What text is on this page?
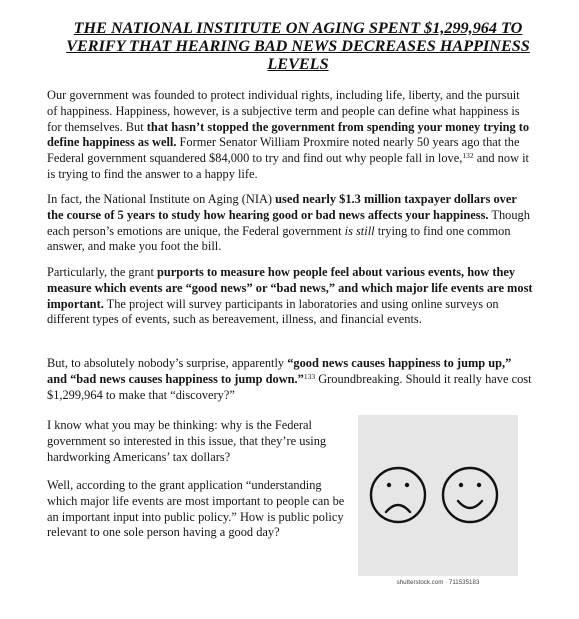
THE NATIONAL INSTITUTE ON AGING SPENT $1,299,964 TO VERIFY THAT HEARING BAD NEWS DECREASES HAPPINESS LEVELS

Our government was founded to protect individual rights, including life, liberty, and the pursuit of happiness. Happiness, however, is a subjective term and people can define what happiness is for themselves. But that hasn’t stopped the government from spending your money trying to define happiness as well. Former Senator William Proxmire noted nearly 50 years ago that the Federal government squandered $84,000 to try and find out why people fall in love,$^{132}$ and now it is trying to find the answer to a happy life.

In fact, the National Institute on Aging (NIA) used nearly $1.3 million taxpayer dollars over the course of 5 years to study how hearing good or bad news affects your happiness. Though each person’s emotions are unique, the Federal government is still trying to find one common answer, and make you foot the bill.

Particularly, the grant purports to measure how people feel about various events, how they measure which events are “good news” or “bad news,” and which major life events are most important. The project will survey participants in laboratories and using online surveys on different types of events, such as bereavement, illness, and financial events.

But, to absolutely nobody’s surprise, apparently “good news causes happiness to jump up,” and “bad news causes happiness to jump down.”$^{133}$ Groundbreaking. Should it really have cost $1,299,964 to make that “discovery?”

I know what you may be thinking: why is the Federal government so interested in this issue, that they’re using hardworking Americans’ tax dollars?

Well, according to the grant application “understanding which major life events are most important to people can be an important input into public policy.” How is public policy relevant to one sole person having a good day?

shutterstock.com · 711535183
